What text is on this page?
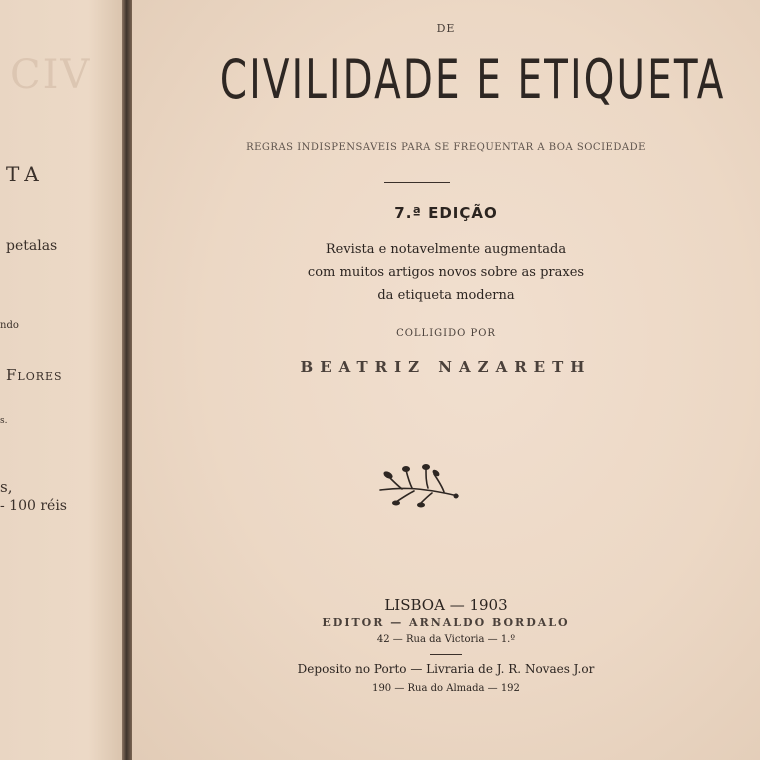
CIV
TA
petalas
ndo
Flores
s.
s,
- 100 réis
DE
CIVILIDADE E ETIQUETA
REGRAS INDISPENSAVEIS PARA SE FREQUENTAR A BOA SOCIEDADE
7.ª EDIÇÃO
Revista e notavelmente augmentada
com muitos artigos novos sobre as praxes
da etiqueta moderna
COLLIGIDO POR
BEATRIZ NAZARETH
LISBOA — 1903
EDITOR — ARNALDO BORDALO
42 — Rua da Victoria — 1.º
Deposito no Porto — Livraria de J. R. Novaes J.or
190 — Rua do Almada — 192
